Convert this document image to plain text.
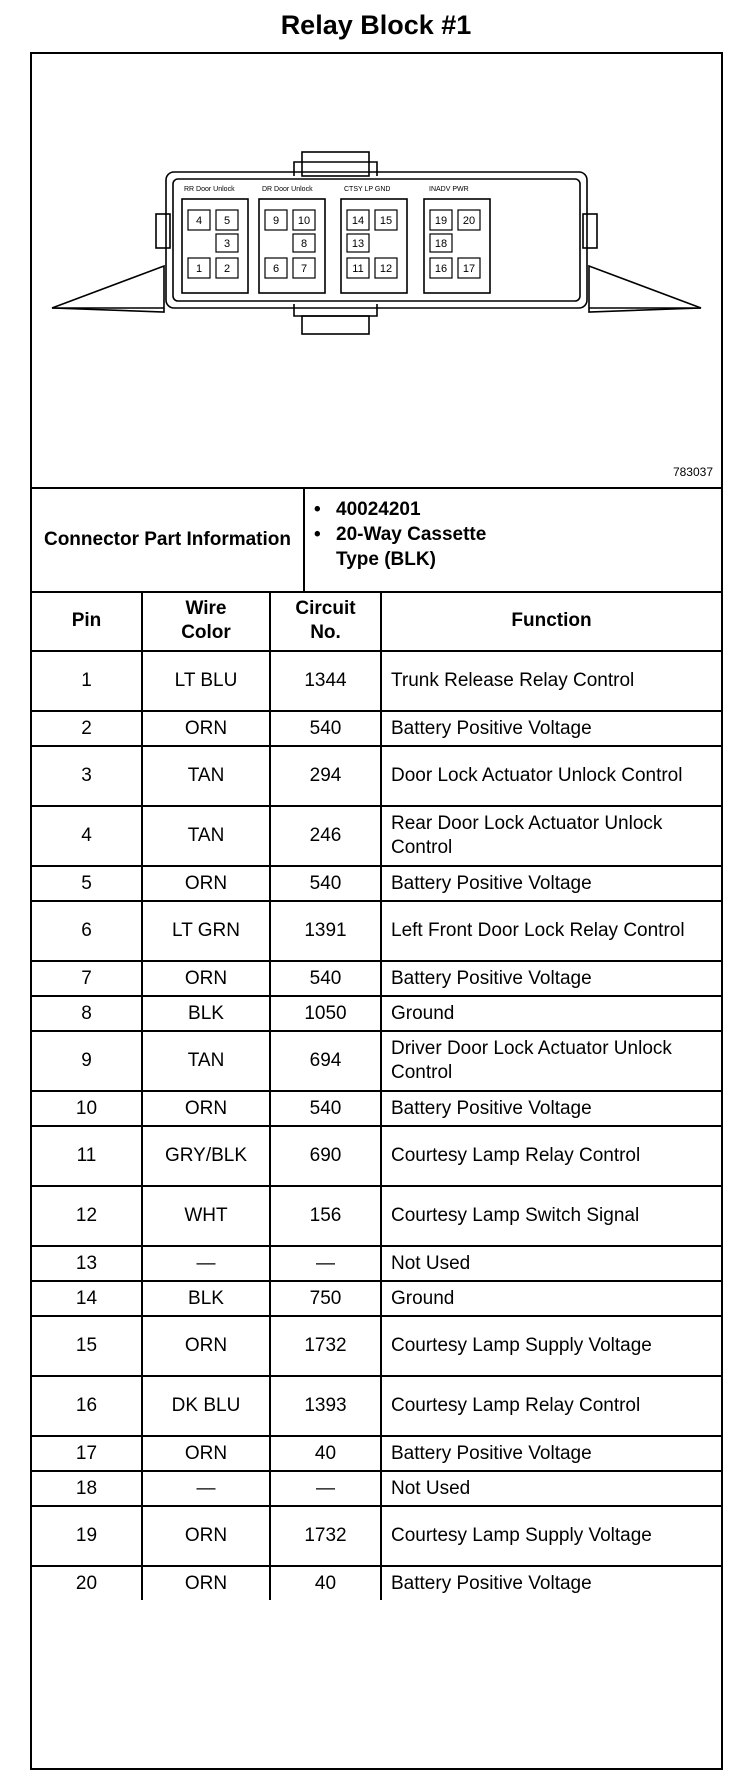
Relay Block #1
RR Door Unlock	DR Door Unlock	CTSY LP GND	INADV PWR
4 5
3
1 2
9 10
8
6 7
14 15
13
11 12
19 20
18
16 17
783037
Connector Part Information
• 40024201
• 20-Way Cassette Type (BLK)
Pin	Wire Color	Circuit No.	Function
1	LT BLU	1344	Trunk Release Relay Control
2	ORN	540	Battery Positive Voltage
3	TAN	294	Door Lock Actuator Unlock Control
4	TAN	246	Rear Door Lock Actuator Unlock Control
5	ORN	540	Battery Positive Voltage
6	LT GRN	1391	Left Front Door Lock Relay Control
7	ORN	540	Battery Positive Voltage
8	BLK	1050	Ground
9	TAN	694	Driver Door Lock Actuator Unlock Control
10	ORN	540	Battery Positive Voltage
11	GRY/BLK	690	Courtesy Lamp Relay Control
12	WHT	156	Courtesy Lamp Switch Signal
13	—	—	Not Used
14	BLK	750	Ground
15	ORN	1732	Courtesy Lamp Supply Voltage
16	DK BLU	1393	Courtesy Lamp Relay Control
17	ORN	40	Battery Positive Voltage
18	—	—	Not Used
19	ORN	1732	Courtesy Lamp Supply Voltage
20	ORN	40	Battery Positive Voltage
